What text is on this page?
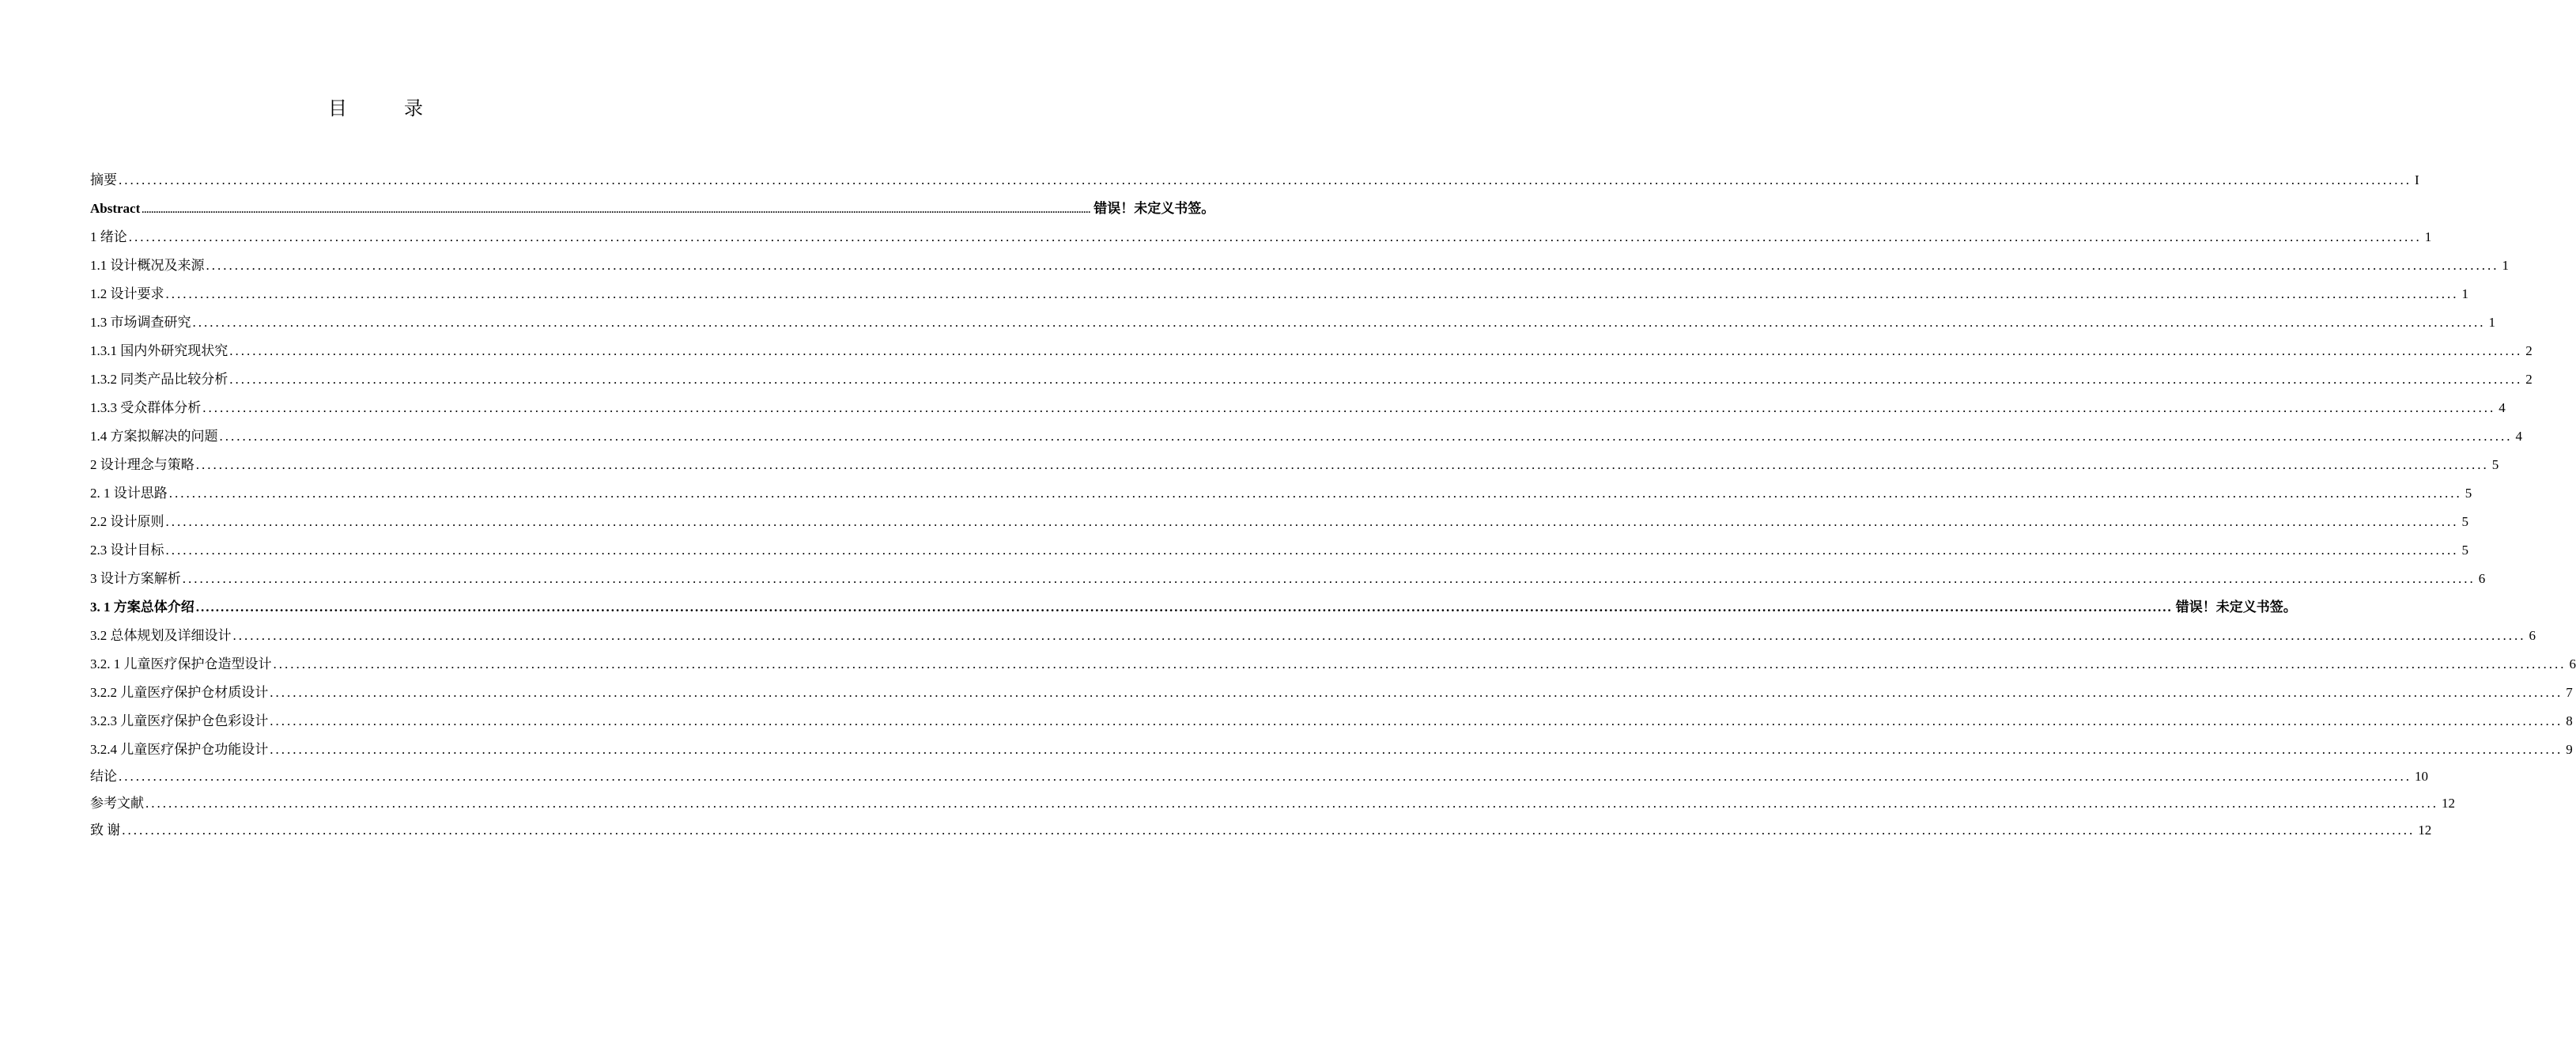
目　录
摘要 ................................................................................................................................................................................................................................................................................................................................................................................................................ I
Abstract ................................................................................................................................................................................................................................................................................................................................................................................................................ 错误！未定义书签。
1 绪论 ................................................................................................................................................................................................................................................................................................................................................................................................................ 1
1.1 设计概况及来源 ................................................................................................................................................................................................................................................................................................................................................................................................................ 1
1.2 设计要求 ................................................................................................................................................................................................................................................................................................................................................................................................................ 1
1.3 市场调查研究 ................................................................................................................................................................................................................................................................................................................................................................................................................ 1
1.3.1 国内外研究现状究 ................................................................................................................................................................................................................................................................................................................................................................................................................ 2
1.3.2 同类产品比较分析 ................................................................................................................................................................................................................................................................................................................................................................................................................ 2
1.3.3 受众群体分析 ................................................................................................................................................................................................................................................................................................................................................................................................................ 4
1.4 方案拟解决的问题 ................................................................................................................................................................................................................................................................................................................................................................................................................ 4
2 设计理念与策略 ................................................................................................................................................................................................................................................................................................................................................................................................................ 5
2. 1 设计思路 ................................................................................................................................................................................................................................................................................................................................................................................................................ 5
2.2 设计原则 ................................................................................................................................................................................................................................................................................................................................................................................................................ 5
2.3 设计目标 ................................................................................................................................................................................................................................................................................................................................................................................................................ 5
3 设计方案解析 ................................................................................................................................................................................................................................................................................................................................................................................................................ 6
3. 1 方案总体介绍 ................................................................................................................................................................................................................................................................................................................................................................................................................ 错误！未定义书签。
3.2 总体规划及详细设计 ................................................................................................................................................................................................................................................................................................................................................................................................................ 6
3.2. 1 儿童医疗保护仓造型设计 ................................................................................................................................................................................................................................................................................................................................................................................................................ 6
3.2.2 儿童医疗保护仓材质设计 ................................................................................................................................................................................................................................................................................................................................................................................................................ 7
3.2.3 儿童医疗保护仓色彩设计 ................................................................................................................................................................................................................................................................................................................................................................................................................ 8
3.2.4 儿童医疗保护仓功能设计 ................................................................................................................................................................................................................................................................................................................................................................................................................ 9
结论 ................................................................................................................................................................................................................................................................................................................................................................................................................ 10
参考文献 ................................................................................................................................................................................................................................................................................................................................................................................................................ 12
致 谢 ................................................................................................................................................................................................................................................................................................................................................................................................................ 12
